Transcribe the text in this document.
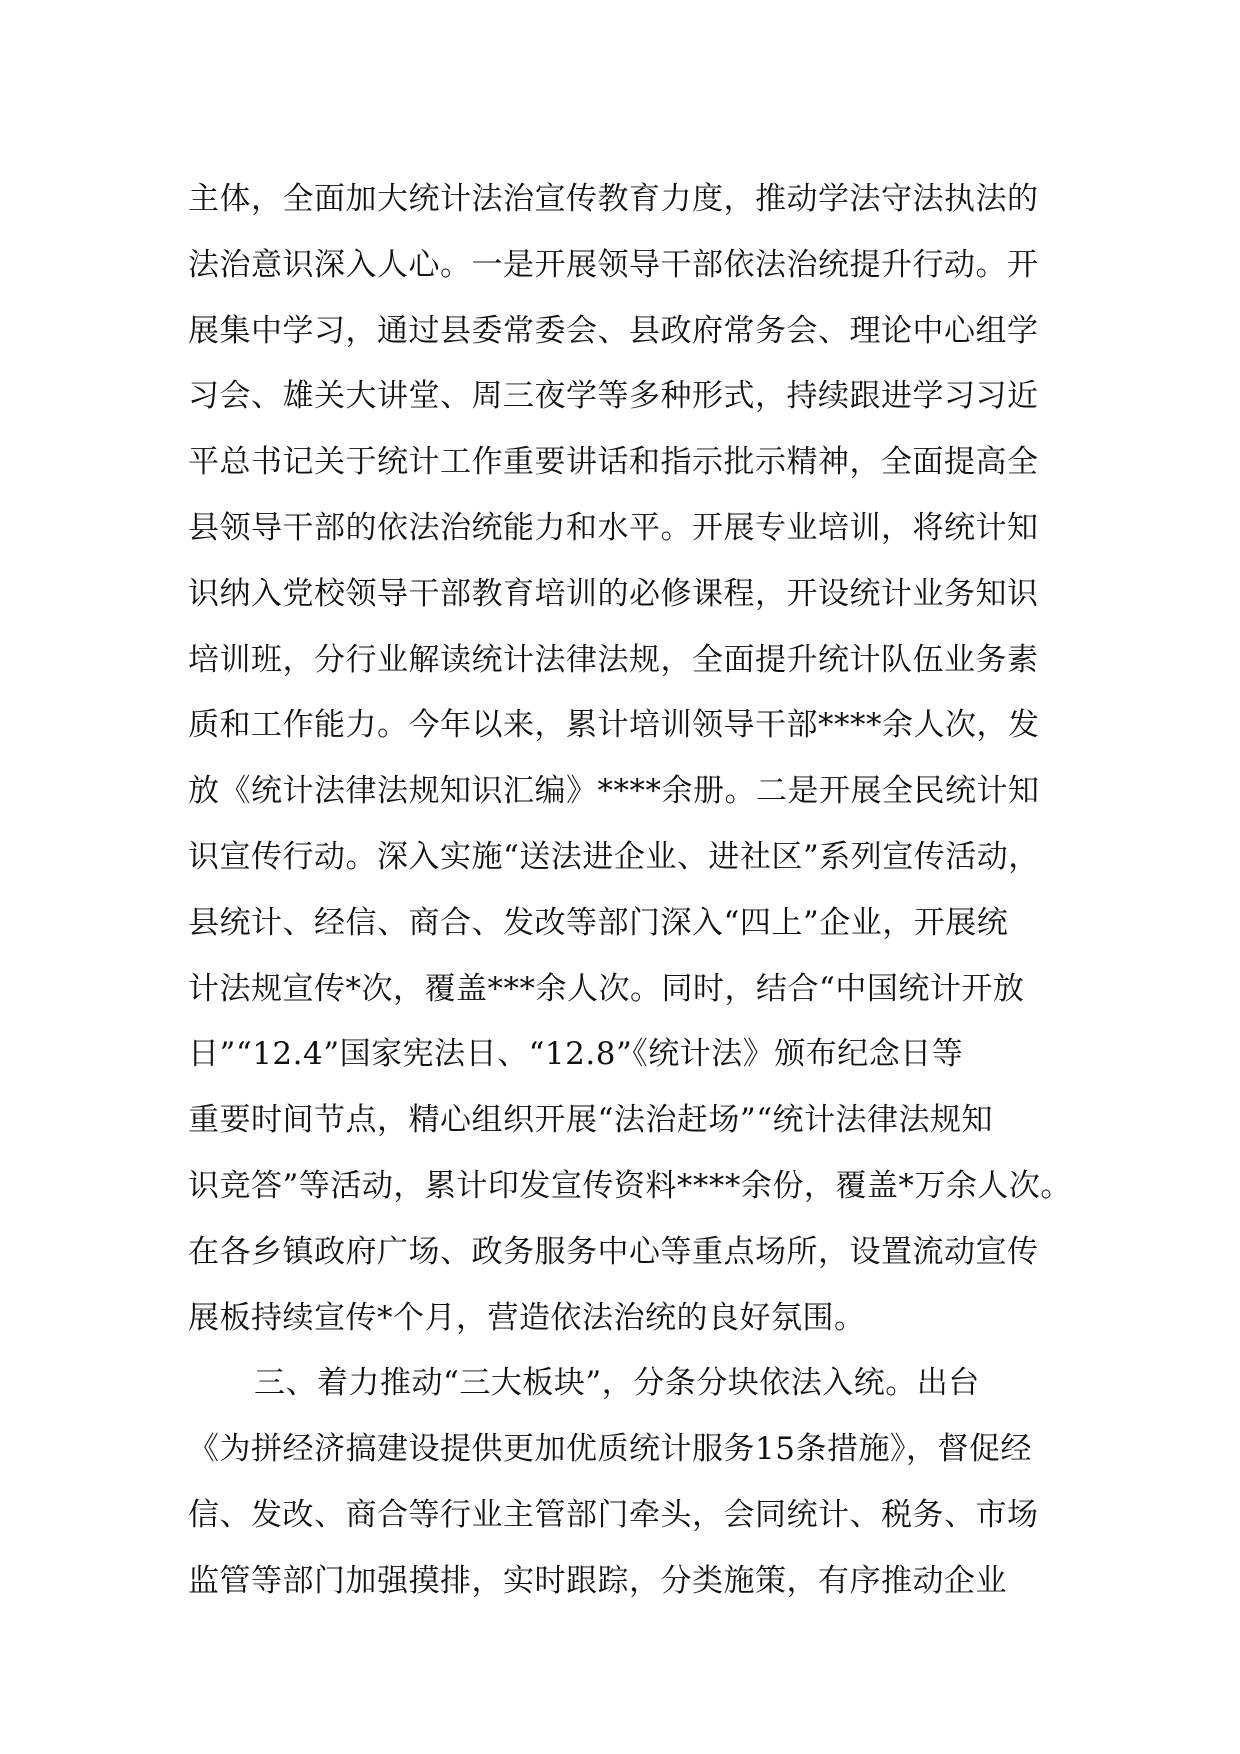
主体，全面加大统计法治宣传教育力度，推动学法守法执法的
法治意识深入人心。一是开展领导干部依法治统提升行动。开
展集中学习，通过县委常委会、县政府常务会、理论中心组学
习会、雄关大讲堂、周三夜学等多种形式，持续跟进学习习近
平总书记关于统计工作重要讲话和指示批示精神，全面提高全
县领导干部的依法治统能力和水平。开展专业培训，将统计知
识纳入党校领导干部教育培训的必修课程，开设统计业务知识
培训班，分行业解读统计法律法规，全面提升统计队伍业务素
质和工作能力。今年以来，累计培训领导干部****余人次，发
放《统计法律法规知识汇编》****余册。二是开展全民统计知
识宣传行动。深入实施“送法进企业、进社区”系列宣传活动，
县统计、经信、商合、发改等部门深入“四上”企业，开展统
计法规宣传*次，覆盖***余人次。同时，结合“中国统计开放
日”“12.4”国家宪法日、“12.8”《统计法》颁布纪念日等
重要时间节点，精心组织开展“法治赶场”“统计法律法规知
识竞答”等活动，累计印发宣传资料****余份，覆盖*万余人次。
在各乡镇政府广场、政务服务中心等重点场所，设置流动宣传
展板持续宣传*个月，营造依法治统的良好氛围。
三、着力推动“三大板块”，分条分块依法入统。出台
《为拼经济搞建设提供更加优质统计服务15条措施》，督促经
信、发改、商合等行业主管部门牵头，会同统计、税务、市场
监管等部门加强摸排，实时跟踪，分类施策，有序推动企业
